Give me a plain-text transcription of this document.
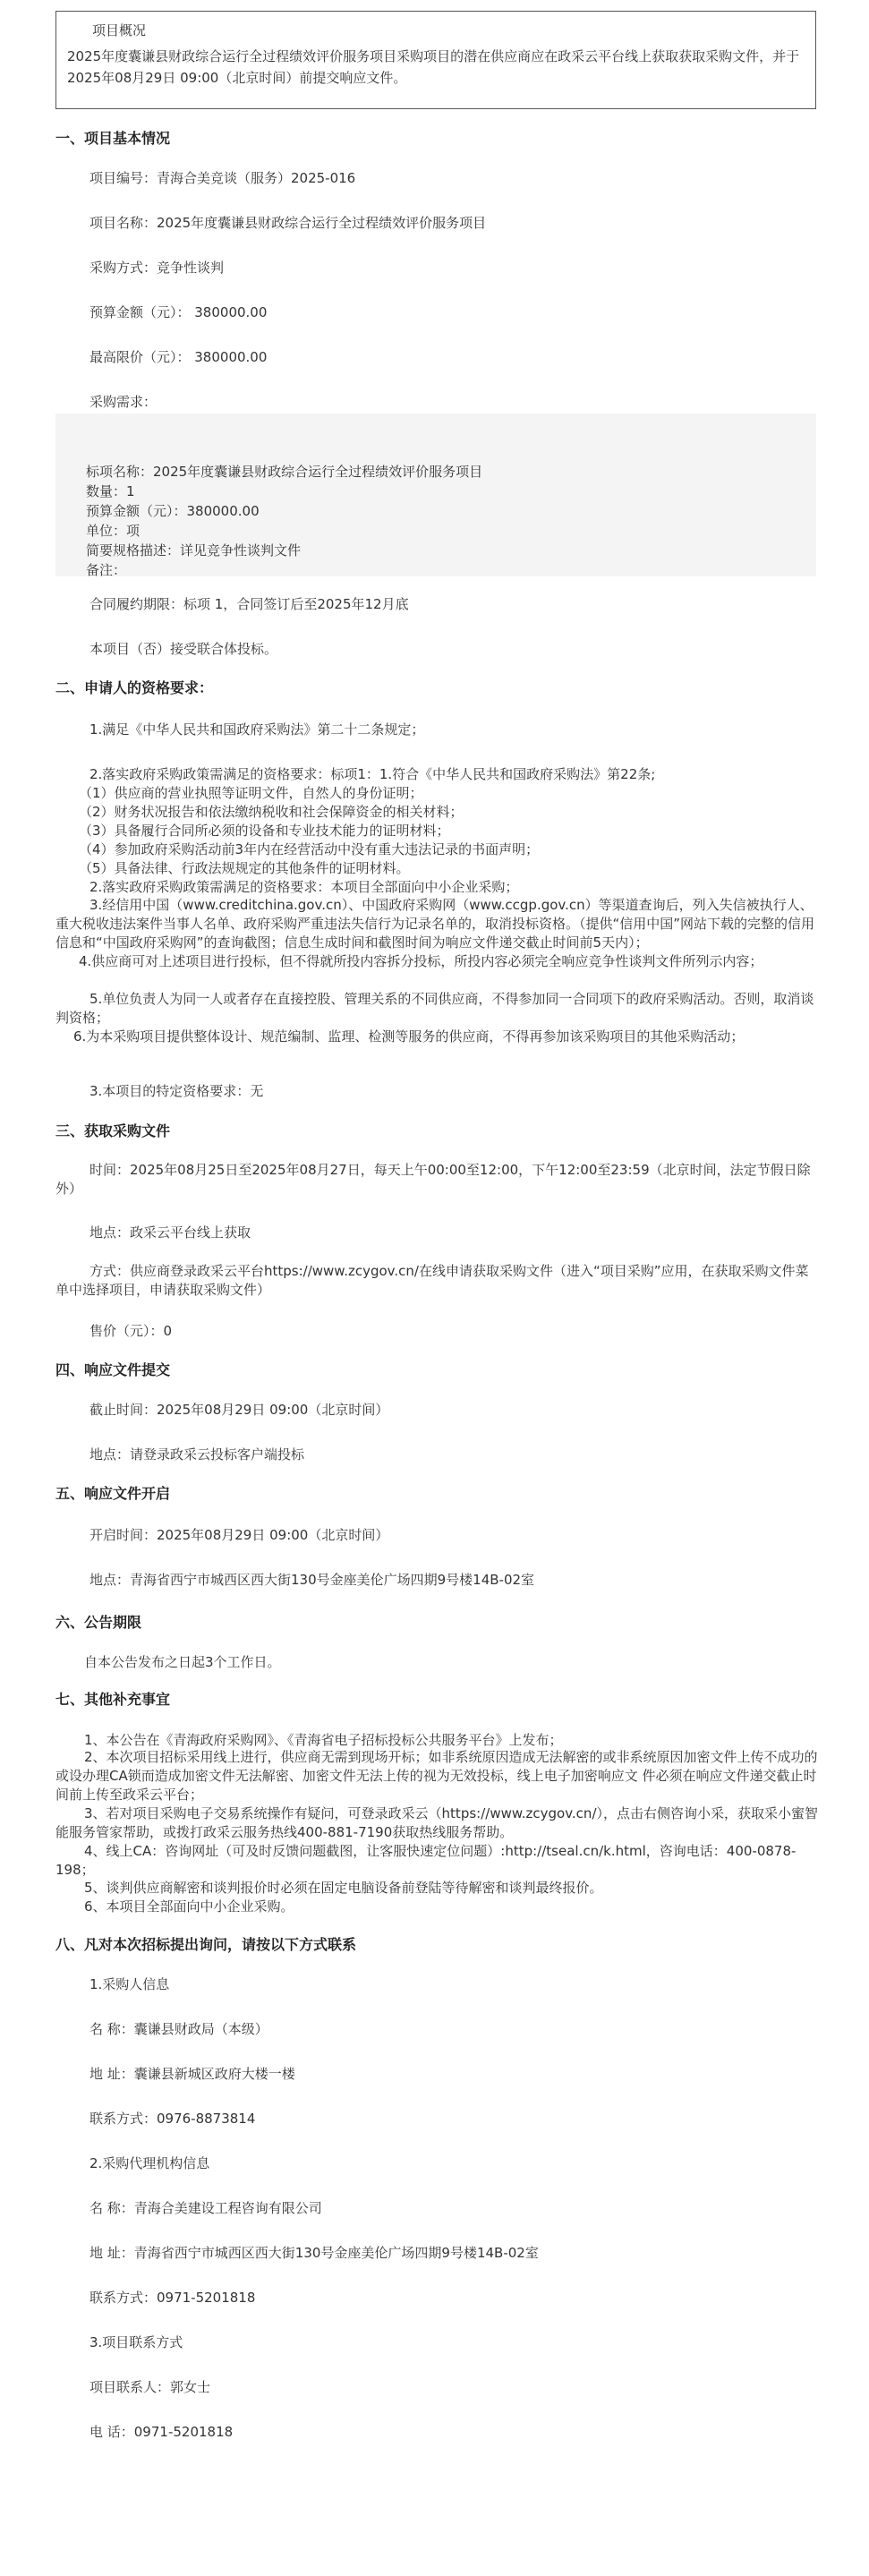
项目概况
2025年度囊谦县财政综合运行全过程绩效评价服务项目采购项目的潜在供应商应在政采云平台线上获取获取采购文件，并于2025年08月29日 09:00（北京时间）前提交响应文件。
一、项目基本情况
项目编号：青海合美竞谈（服务）2025-016
项目名称：2025年度囊谦县财政综合运行全过程绩效评价服务项目
采购方式：竞争性谈判
预算金额（元）： 380000.00
最高限价（元）： 380000.00
采购需求：
标项名称：2025年度囊谦县财政综合运行全过程绩效评价服务项目
数量：1
预算金额（元）：380000.00
单位：项
简要规格描述：详见竞争性谈判文件
备注：
合同履约期限：标项 1，合同签订后至2025年12月底
本项目（否）接受联合体投标。
二、申请人的资格要求：
1.满足《中华人民共和国政府采购法》第二十二条规定；
2.落实政府采购政策需满足的资格要求：标项1：1.符合《中华人民共和国政府采购法》第22条;
（1）供应商的营业执照等证明文件，自然人的身份证明；
（2）财务状况报告和依法缴纳税收和社会保障资金的相关材料；
（3）具备履行合同所必须的设备和专业技术能力的证明材料；
（4）参加政府采购活动前3年内在经营活动中没有重大违法记录的书面声明；
（5）具备法律、行政法规规定的其他条件的证明材料。
2.落实政府采购政策需满足的资格要求：本项目全部面向中小企业采购；
3.经信用中国（www.creditchina.gov.cn）、中国政府采购网（www.ccgp.gov.cn）等渠道查询后，列入失信被执行人、重大税收违法案件当事人名单、政府采购严重违法失信行为记录名单的，取消投标资格。（提供“信用中国”网站下载的完整的信用信息和“中国政府采购网”的查询截图；信息生成时间和截图时间为响应文件递交截止时间前5天内）；
4.供应商可对上述项目进行投标，但不得就所投内容拆分投标，所投内容必须完全响应竞争性谈判文件所列示内容；
5.单位负责人为同一人或者存在直接控股、管理关系的不同供应商，不得参加同一合同项下的政府采购活动。否则，取消谈判资格；
6.为本采购项目提供整体设计、规范编制、监理、检测等服务的供应商，不得再参加该采购项目的其他采购活动；
3.本项目的特定资格要求：无
三、获取采购文件
时间：2025年08月25日至2025年08月27日，每天上午00:00至12:00，下午12:00至23:59（北京时间，法定节假日除外）
地点：政采云平台线上获取
方式：供应商登录政采云平台https://www.zcygov.cn/在线申请获取采购文件（进入“项目采购”应用，在获取采购文件菜单中选择项目，申请获取采购文件）
售价（元）：0
四、响应文件提交
截止时间：2025年08月29日 09:00（北京时间）
地点：请登录政采云投标客户端投标
五、响应文件开启
开启时间：2025年08月29日 09:00（北京时间）
地点：青海省西宁市城西区西大街130号金座美伦广场四期9号楼14B-02室
六、公告期限
自本公告发布之日起3个工作日。
七、其他补充事宜
1、本公告在《青海政府采购网》、《青海省电子招标投标公共服务平台》上发布；
2、本次项目招标采用线上进行，供应商无需到现场开标；如非系统原因造成无法解密的或非系统原因加密文件上传不成功的或设办理CA锁而造成加密文件无法解密、加密文件无法上传的视为无效投标，线上电子加密响应文 件必须在响应文件递交截止时间前上传至政采云平台；
3、若对项目采购电子交易系统操作有疑问，可登录政采云（https://www.zcygov.cn/），点击右侧咨询小采，获取采小蜜智能服务管家帮助，或拨打政采云服务热线400-881-7190获取热线服务帮助。
4、线上CA：咨询网址（可及时反馈问题截图，让客服快速定位问题）:http://tseal.cn/k.html，咨询电话：400-0878-198；
5、谈判供应商解密和谈判报价时必须在固定电脑设备前登陆等待解密和谈判最终报价。
6、本项目全部面向中小企业采购。
八、凡对本次招标提出询问，请按以下方式联系
1.采购人信息
名 称：囊谦县财政局（本级）
地 址：囊谦县新城区政府大楼一楼
联系方式：0976-8873814
2.采购代理机构信息
名 称：青海合美建设工程咨询有限公司
地 址：青海省西宁市城西区西大街130号金座美伦广场四期9号楼14B-02室
联系方式：0971-5201818
3.项目联系方式
项目联系人：郭女士
电 话：0971-5201818
